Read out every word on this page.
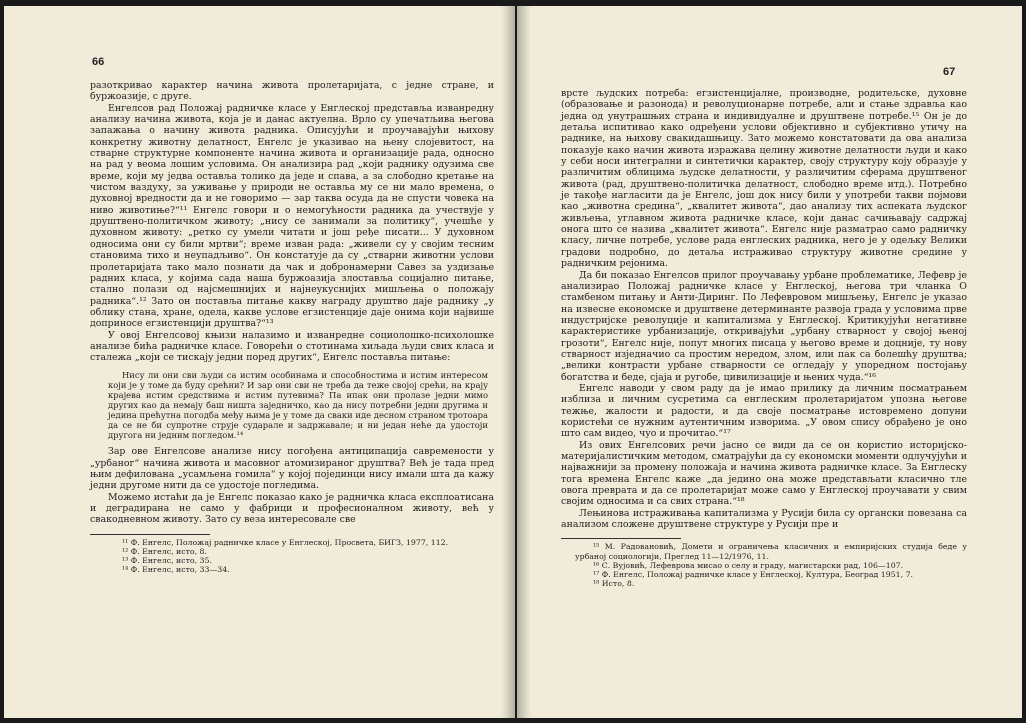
66

разоткривао карактер начина живота пролетаријата, с једне стране, и буржоазије, с друге.

Енгелсов рад Положај радничке класе у Енглеској представља изванредну анализу начина живота, која је и данас актуелна. Врло су упечатљива његова запажања о начину живота радника. Описујући и проучавајући њихову конкретну животну делатност, Енгелс је указивао на њену слојевитост, на стварне структурне компоненте начина живота и организације рада, односно на рад у веома лошим условима. Он анализира рад „који раднику одузима све време, који му једва оставља толико да једе и спава, а за слободно кретање на чистом ваздуху, за уживање у природи не оставља му се ни мало времена, о духовној вредности да и не говоримо — зар таква осуда да не спусти човека на ниво животиње?“¹¹ Енгелс говори и о немогућности радника да учествује у друштвено-политичком животу; „нису се занимали за политику“, учешће у духовном животу: „ретко су умели читати и још ређе писати... У духовном односима они су били мртви“; време изван рада: „живели су у својим тесним становима тихо и неупадљиво“. Он констатује да су „стварни животни услови пролетаријата тако мало познати да чак и добронамерни Савез за уздизање радних класа, у којима сада наша буржоазија злоставља социјално питање, стално полази од најсмешнијих и најнеукуснијих мишљења о положају радника“.¹² Зато он поставља питање какву награду друштво даје раднику „у облику стана, хране, одела, какве услове егзистенције даје онима који највише доприносе егзистенцији друштва?“¹³

У овој Енгелсовој књизи налазимо и изванредне социолошко-психолошке анализе бића радничке класе. Говорећи о стотинама хиљада људи свих класа и сталежа „који се тискају једни поред других“, Енгелс поставља питање:

Нису ли они сви људи са истим особинама и способностима и истим интересом који је у томе да буду срећни? И зар они сви не треба да теже својој срећи, на крају крајева истим средствима и истим путевима? Па ипак они пролазе једни мимо других као да немају баш ништа заједничко, као да нису потребни једни другима и једина прећутна погодба међу њима је у томе да сваки иде десном страном тротоара да се не би супротне струје сударале и задржавале; и ни један неће да удостоји другога ни једним погледом.¹⁴

Зар ове Енгелсове анализе нису погођена антиципација савремености у „урбаног“ начина живота и масовног атомизираног друштва? Већ је тада пред њим дефилована „усамљена гомила“ у којој појединци нису имали шта да кажу једни другоме нити да се удостоје погледима.

Можемо истаћи да је Енгелс показао како је радничка класа експлоатисана и деградирана не само у фабрици и професионалном животу, већ у свакодневном животу. Зато су веза интересовале све

¹¹ Ф. Енгелс, Положај радничке класе у Енглеској, Просвета, БИГЗ, 1977, 112.

¹² Ф. Енгелс, исто, 8.

¹³ Ф. Енгелс, исто, 35.

¹⁴ Ф. Енгелс, исто, 33—34.

67

врсте људских потреба: егзистенцијалне, производне, родитељске, духовне (образовање и разонода) и револуционарне потребе, али и стање здравља као једна од унутрашњих страна и индивидуалне и друштвене потребе.¹⁵ Он је до детаља испитивао како одређени услови објективно и субјективно утичу на раднике, на њихову свакидашњицу. Зато можемо констатовати да ова анализа показује како начин живота изражава целину животне делатности људи и како у себи носи интегрални и синтетички карактер, своју структуру коју образује у различитим облицима људске делатности, у различитим сферама друштвеног живота (рад, друштвено-политичка делатност, слободно време итд.). Потребно је такође нагласити да је Енгелс, још док нису били у употреби такви појмови као „животна средина“, „квалитет живота“, дао анализу тих аспеката људског живљења, углавном живота радничке класе, који данас сачињавају садржај онога што се назива „квалитет живота“. Енгелс није разматрао само радничку класу, личне потребе, услове рада енглеских радника, него је у одељку Велики градови подробно, до детаља истраживао структуру животне средине у радничким рејонима.

Да би показао Енгелсов прилог проучавању урбане проблематике, Лефевр је анализирао Положај радничке класе у Енглеској, његова три чланка О стамбеном питању и Анти-Диринг. По Лефевровом мишљењу, Енгелс је указао на извесне економске и друштвене детерминанте развоја града у условима прве индустријске револуције и капитализма у Енглеској. Критикујући негативне карактеристике урбанизације, откривајући „урбану стварност у својој њеној грозоти“, Енгелс није, попут многих писаца у његово време и доцније, ту нову стварност изједначио са простим нередом, злом, или пак са болешћу друштва; „велики контрасти урбане стварности се огледају у упоредном постојању богатства и беде, сјаја и ругобе, цивилизације и њених чуда.“¹⁶

Енгелс наводи у свом раду да је имао прилику да личним посматрањем изблиза и личним сусретима са енглеским пролетаријатом упозна његове тежње, жалости и радости, и да своје посматрање истовремено допуни користећи се нужним аутентичним изворима. „У овом спису обрађено је оно што сам видео, чуо и прочитао.“¹⁷

Из ових Енгелсових речи јасно се види да се он користио историјско-материјалистичким методом, сматрајући да су економски моменти одлучујући и најважнији за промену положаја и начина живота радничке класе. За Енглеску тога времена Енгелс каже „да једино она може представљати класично тле овога преврата и да се пролетаријат може само у Енглеској проучавати у свим својим односима и са свих страна.“¹⁸

Лењинова истраживања капитализма у Русији била су органски повезана са анализом сложене друштвене структуре у Русији пре и

¹⁵ М. Радовановић, Домети и ограничења класичних и емпиријских студија беде у урбаној социологији, Преглед 11—12/1976, 11.

¹⁶ С. Вујовић, Лефеврова мисао о селу и граду, магистарски рад, 106—107.

¹⁷ Ф. Енгелс, Положај радничке класе у Енглеској, Култура, Београд 1951, 7.

¹⁸ Исто, 8.
